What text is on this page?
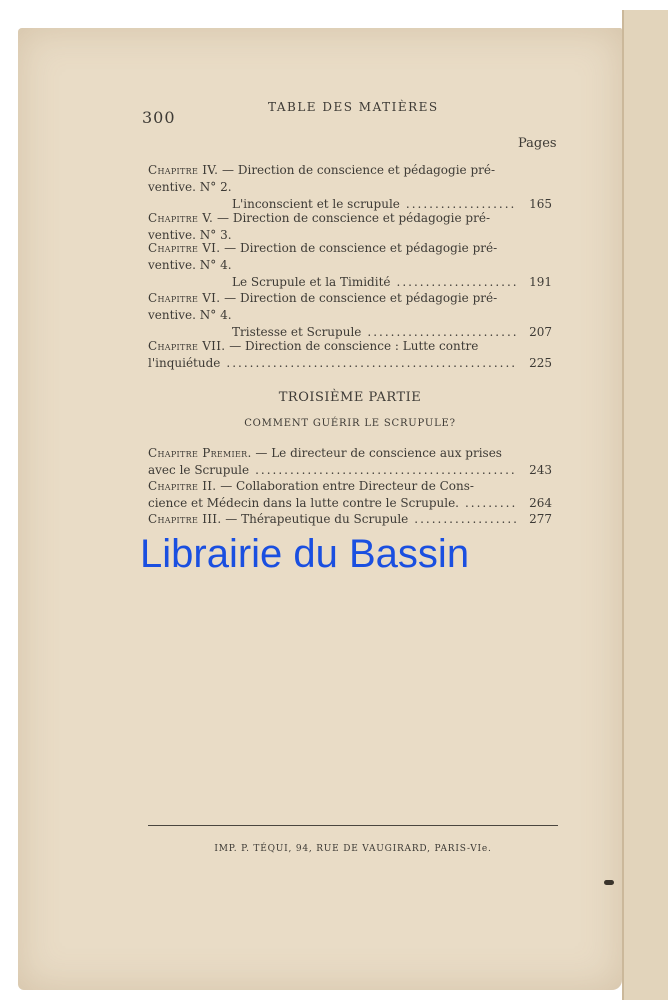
300
TABLE DES MATIÈRES
Pages
Chapitre IV.
— Direction de conscience et pédagogie pré-
ventive. N° 2.
L'inconscient et le scrupule .....	165
Chapitre V.
— Direction de conscience et pédagogie pré-
ventive. N° 3.
Chapitre VI.
— Direction de conscience et pédagogie pré-
ventive. N° 4.
Le Scrupule et la Timidité .....	191
Chapitre VI.
— Direction de conscience et pédagogie pré-
ventive. N° 4.
Tristesse et Scrupule .....	207
Chapitre VII.
— Direction de conscience : Lutte contre
l'inquiétude .....	225
TROISIÈME PARTIE
COMMENT GUÉRIR LE SCRUPULE?
Chapitre Premier.
— Le directeur de conscience aux prises
avec le Scrupule .....	243
Chapitre II.
— Collaboration entre Directeur de Cons-
cience et Médecin dans la lutte contre le Scrupule. .....	264
Chapitre III.
— Thérapeutique du Scrupule .....	277
Librairie du Bassin
IMP. P. TÉQUI, 94, RUE DE VAUGIRARD, PARIS-VIe.
